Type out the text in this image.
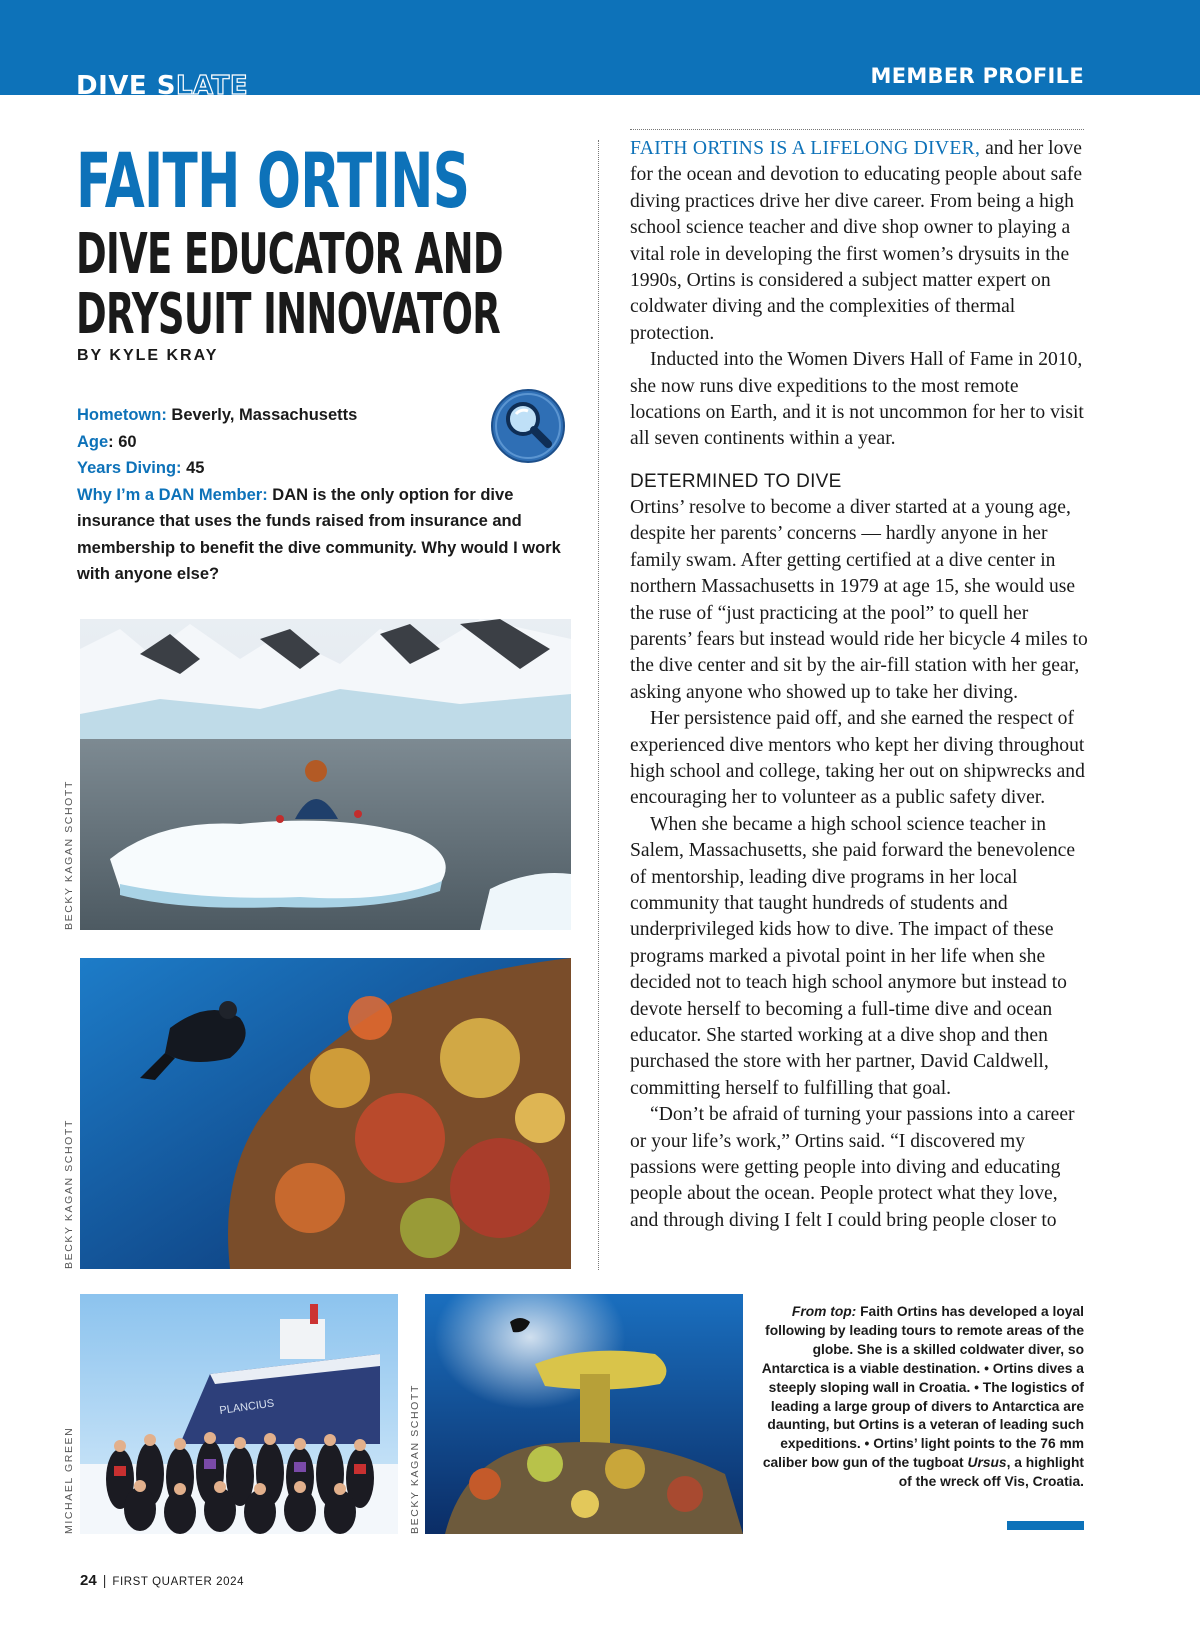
DIVE SLATE	MEMBER PROFILE
FAITH ORTINS
DIVE EDUCATOR AND
DRYSUIT INNOVATOR
BY KYLE KRAY
Hometown: Beverly, Massachusetts
Age: 60
Years Diving: 45
Why I’m a DAN Member: DAN is the only option for dive insurance that uses the funds raised from insurance and membership to benefit the dive community. Why would I work with anyone else?
BECKY KAGAN SCHOTT
BECKY KAGAN SCHOTT
PLANCIUS
MICHAEL GREEN	BECKY KAGAN SCHOTT

FAITH ORTINS IS A LIFELONG DIVER, and her love for the ocean and devotion to educating people about safe diving practices drive her dive career. From being a high school science teacher and dive shop owner to playing a vital role in developing the first women’s drysuits in the 1990s, Ortins is considered a subject matter expert on coldwater diving and the complexities of thermal protection.

Inducted into the Women Divers Hall of Fame in 2010, she now runs dive expeditions to the most remote locations on Earth, and it is not uncommon for her to visit all seven continents within a year.

DETERMINED TO DIVE

Ortins’ resolve to become a diver started at a young age, despite her parents’ concerns — hardly anyone in her family swam. After getting certified at a dive center in northern Massachusetts in 1979 at age 15, she would use the ruse of “just practicing at the pool” to quell her parents’ fears but instead would ride her bicycle 4 miles to the dive center and sit by the air-fill station with her gear, asking anyone who showed up to take her diving.

Her persistence paid off, and she earned the respect of experienced dive mentors who kept her diving throughout high school and college, taking her out on shipwrecks and encouraging her to volunteer as a public safety diver.

When she became a high school science teacher in Salem, Massachusetts, she paid forward the benevolence of mentorship, leading dive programs in her local community that taught hundreds of students and underprivileged kids how to dive. The impact of these programs marked a pivotal point in her life when she decided not to teach high school anymore but instead to devote herself to becoming a full-time dive and ocean educator. She started working at a dive shop and then purchased the store with her partner, David Caldwell, committing herself to fulfilling that goal.

“Don’t be afraid of turning your passions into a career or your life’s work,” Ortins said. “I discovered my passions were getting people into diving and educating people about the ocean. People protect what they love, and through diving I felt I could bring people closer to

From top: Faith Ortins has developed a loyal following by leading tours to remote areas of the globe. She is a skilled coldwater diver, so Antarctica is a viable destination. • Ortins dives a steeply sloping wall in Croatia. • The logistics of leading a large group of divers to Antarctica are daunting, but Ortins is a veteran of leading such expeditions. • Ortins’ light points to the 76 mm caliber bow gun of the tugboat Ursus, a highlight of the wreck off Vis, Croatia.
24 | FIRST QUARTER 2024
